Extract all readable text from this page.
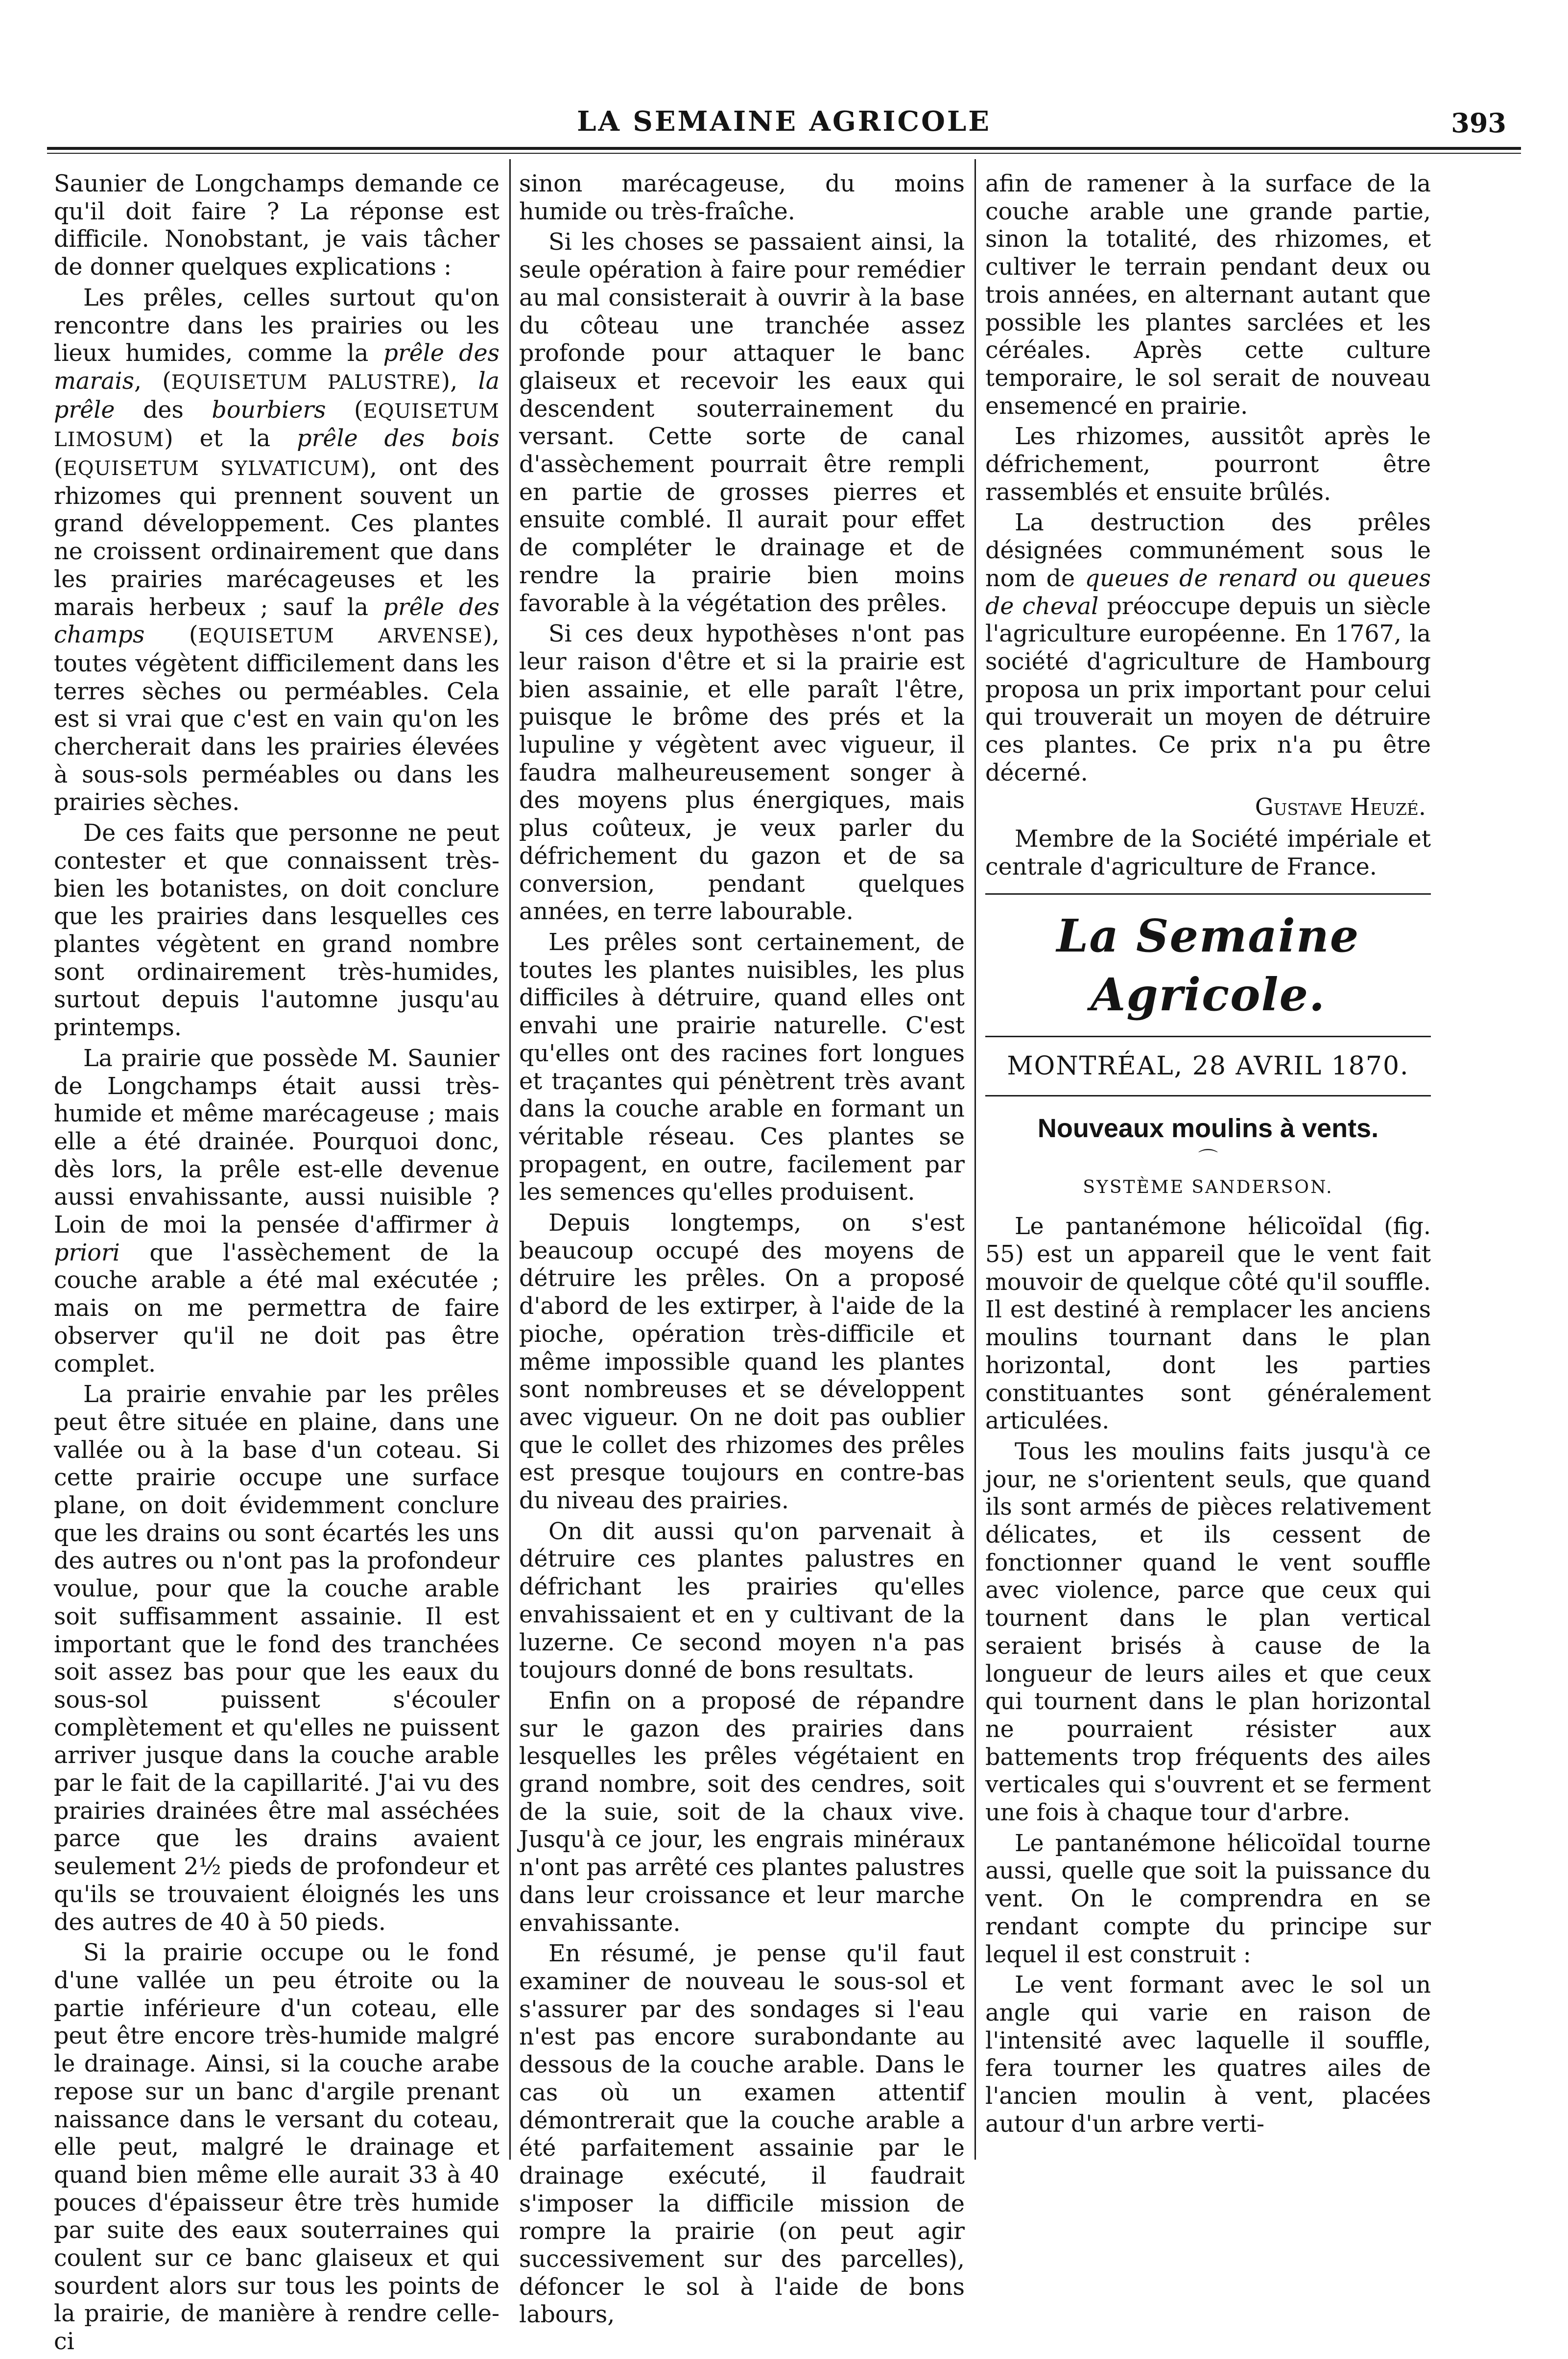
LA SEMAINE AGRICOLE	393

Saunier de Longchamps demande ce qu'il doit faire ? La réponse est difficile. Nonobstant, je vais tâcher de donner quelques explications :

Les prêles, celles surtout qu'on rencontre dans les prairies ou les lieux humides, comme la prêle des marais, (EQUISETUM PALUSTRE), la prêle des bourbiers (EQUISETUM LIMOSUM) et la prêle des bois (EQUISETUM SYLVATICUM), ont des rhizomes qui prennent souvent un grand développement. Ces plantes ne croissent ordinairement que dans les prairies marécageuses et les marais herbeux ; sauf la prêle des champs (EQUISETUM ARVENSE), toutes végètent difficilement dans les terres sèches ou perméables. Cela est si vrai que c'est en vain qu'on les chercherait dans les prairies élevées à sous-sols perméables ou dans les prairies sèches.

De ces faits que personne ne peut contester et que connaissent très-bien les botanistes, on doit conclure que les prairies dans lesquelles ces plantes végètent en grand nombre sont ordinairement très-humides, surtout depuis l'automne jusqu'au printemps.

La prairie que possède M. Saunier de Longchamps était aussi très-humide et même marécageuse ; mais elle a été drainée. Pourquoi donc, dès lors, la prêle est-elle devenue aussi envahissante, aussi nuisible ? Loin de moi la pensée d'affirmer à priori que l'assèchement de la couche arable a été mal exécutée ; mais on me permettra de faire observer qu'il ne doit pas être complet.

La prairie envahie par les prêles peut être située en plaine, dans une vallée ou à la base d'un coteau. Si cette prairie occupe une surface plane, on doit évidemment conclure que les drains ou sont écartés les uns des autres ou n'ont pas la profondeur voulue, pour que la couche arable soit suffisamment assainie. Il est important que le fond des tranchées soit assez bas pour que les eaux du sous-sol puissent s'écouler complètement et qu'elles ne puissent arriver jusque dans la couche arable par le fait de la capillarité. J'ai vu des prairies drainées être mal asséchées parce que les drains avaient seulement 2½ pieds de profondeur et qu'ils se trouvaient éloignés les uns des autres de 40 à 50 pieds.

Si la prairie occupe ou le fond d'une vallée un peu étroite ou la partie inférieure d'un coteau, elle peut être encore très-humide malgré le drainage. Ainsi, si la couche arabe repose sur un banc d'argile prenant naissance dans le versant du coteau, elle peut, malgré le drainage et quand bien même elle aurait 33 à 40 pouces d'épaisseur être très humide par suite des eaux souterraines qui coulent sur ce banc glaiseux et qui sourdent alors sur tous les points de la prairie, de manière à rendre celle-ci

sinon marécageuse, du moins humide ou très-fraîche.

Si les choses se passaient ainsi, la seule opération à faire pour remédier au mal consisterait à ouvrir à la base du côteau une tranchée assez profonde pour attaquer le banc glaiseux et recevoir les eaux qui descendent souterrainement du versant. Cette sorte de canal d'assèchement pourrait être rempli en partie de grosses pierres et ensuite comblé. Il aurait pour effet de compléter le drainage et de rendre la prairie bien moins favorable à la végétation des prêles.

Si ces deux hypothèses n'ont pas leur raison d'être et si la prairie est bien assainie, et elle paraît l'être, puisque le brôme des prés et la lupuline y végètent avec vigueur, il faudra malheureusement songer à des moyens plus énergiques, mais plus coûteux, je veux parler du défrichement du gazon et de sa conversion, pendant quelques années, en terre labourable.

Les prêles sont certainement, de toutes les plantes nuisibles, les plus difficiles à détruire, quand elles ont envahi une prairie naturelle. C'est qu'elles ont des racines fort longues et traçantes qui pénètrent très avant dans la couche arable en formant un véritable réseau. Ces plantes se propagent, en outre, facilement par les semences qu'elles produisent.

Depuis longtemps, on s'est beaucoup occupé des moyens de détruire les prêles. On a proposé d'abord de les extirper, à l'aide de la pioche, opération très-difficile et même impossible quand les plantes sont nombreuses et se développent avec vigueur. On ne doit pas oublier que le collet des rhizomes des prêles est presque toujours en contre-bas du niveau des prairies.

On dit aussi qu'on parvenait à détruire ces plantes palustres en défrichant les prairies qu'elles envahissaient et en y cultivant de la luzerne. Ce second moyen n'a pas toujours donné de bons resultats.

Enfin on a proposé de répandre sur le gazon des prairies dans lesquelles les prêles végétaient en grand nombre, soit des cendres, soit de la suie, soit de la chaux vive. Jusqu'à ce jour, les engrais minéraux n'ont pas arrêté ces plantes palustres dans leur croissance et leur marche envahissante.

En résumé, je pense qu'il faut examiner de nouveau le sous-sol et s'assurer par des sondages si l'eau n'est pas encore surabondante au dessous de la couche arable. Dans le cas où un examen attentif démontrerait que la couche arable a été parfaitement assainie par le drainage exécuté, il faudrait s'imposer la difficile mission de rompre la prairie (on peut agir successivement sur des parcelles), défoncer le sol à l'aide de bons labours,

afin de ramener à la surface de la couche arable une grande partie, sinon la totalité, des rhizomes, et cultiver le terrain pendant deux ou trois années, en alternant autant que possible les plantes sarclées et les céréales. Après cette culture temporaire, le sol serait de nouveau ensemencé en prairie.

Les rhizomes, aussitôt après le défrichement, pourront être rassemblés et ensuite brûlés.

La destruction des prêles désignées communément sous le nom de queues de renard ou queues de cheval préoccupe depuis un siècle l'agriculture européenne. En 1767, la société d'agriculture de Hambourg proposa un prix important pour celui qui trouverait un moyen de détruire ces plantes. Ce prix n'a pu être décerné.

Gustave Heuzé.

Membre de la Société impériale et centrale d'agriculture de France.

La Semaine Agricole.
MONTRÉAL, 28 AVRIL 1870.
Nouveaux moulins à vents.
⌒
SYSTÈME SANDERSON.

Le pantanémone hélicoïdal (fig. 55) est un appareil que le vent fait mouvoir de quelque côté qu'il souffle. Il est destiné à remplacer les anciens moulins tournant dans le plan horizontal, dont les parties constituantes sont généralement articulées.

Tous les moulins faits jusqu'à ce jour, ne s'orientent seuls, que quand ils sont armés de pièces relativement délicates, et ils cessent de fonctionner quand le vent souffle avec violence, parce que ceux qui tournent dans le plan vertical seraient brisés à cause de la longueur de leurs ailes et que ceux qui tournent dans le plan horizontal ne pourraient résister aux battements trop fréquents des ailes verticales qui s'ouvrent et se ferment une fois à chaque tour d'arbre.

Le pantanémone hélicoïdal tourne aussi, quelle que soit la puissance du vent. On le comprendra en se rendant compte du principe sur lequel il est construit :

Le vent formant avec le sol un angle qui varie en raison de l'intensité avec laquelle il souffle, fera tourner les quatres ailes de l'ancien moulin à vent, placées autour d'un arbre verti-
